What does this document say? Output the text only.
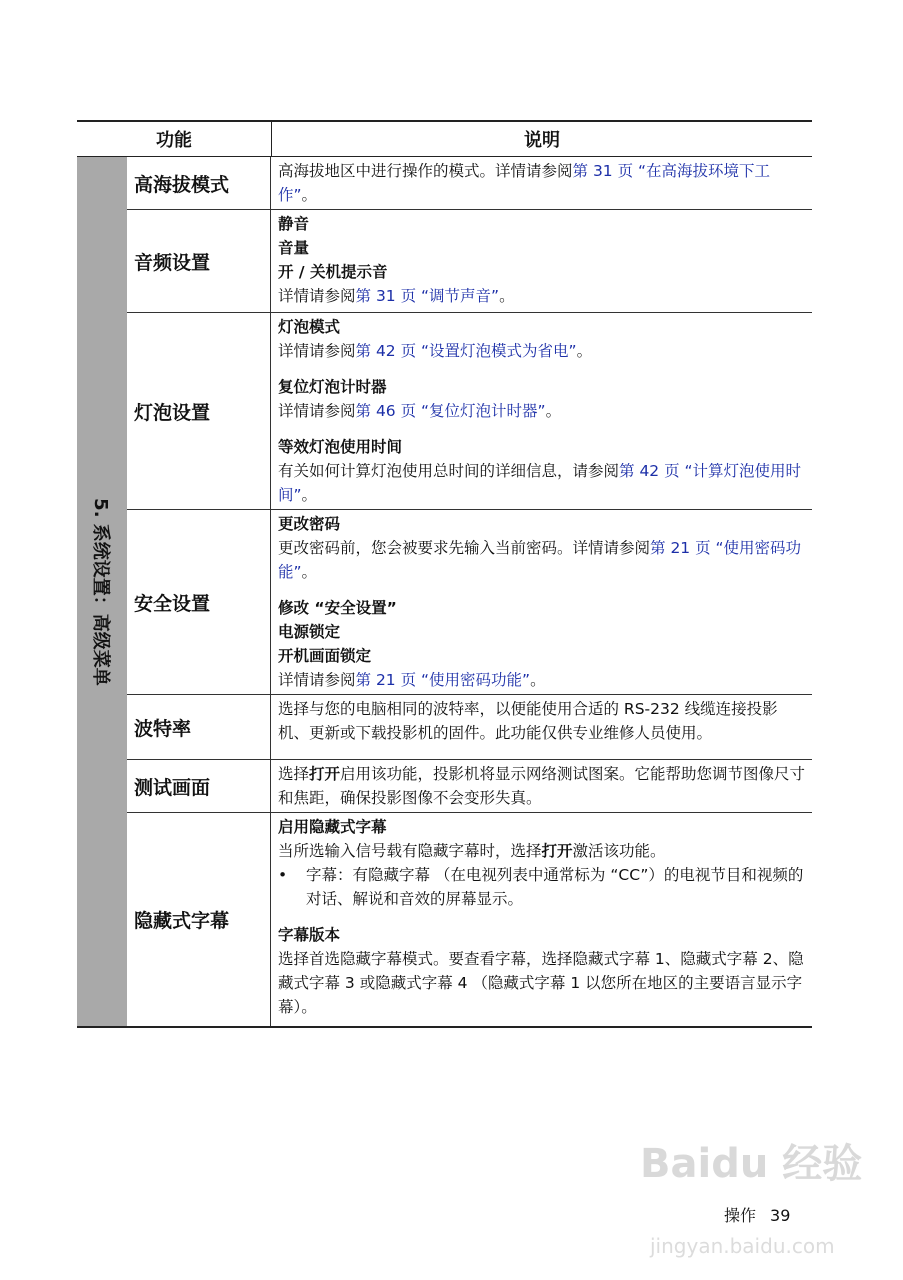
功能	说明
5. 系统设置：高级菜单
高海拔模式

高海拔地区中进行操作的模式。详情请参阅第 31 页 “在高海拔环境下工作”。

音频设置

静音

音量

开 / 关机提示音

详情请参阅第 31 页 “调节声音”。

灯泡设置

灯泡模式

详情请参阅第 42 页 “设置灯泡模式为省电”。

复位灯泡计时器

详情请参阅第 46 页 “复位灯泡计时器”。

等效灯泡使用时间

有关如何计算灯泡使用总时间的详细信息，请参阅第 42 页 “计算灯泡使用时间”。

安全设置

更改密码

更改密码前，您会被要求先输入当前密码。详情请参阅第 21 页 “使用密码功能”。

修改 “安全设置”

电源锁定

开机画面锁定

详情请参阅第 21 页 “使用密码功能”。

波特率

选择与您的电脑相同的波特率，以便能使用合适的 RS-232 线缆连接投影机、更新或下载投影机的固件。此功能仅供专业维修人员使用。

测试画面

选择打开启用该功能，投影机将显示网络测试图案。它能帮助您调节图像尺寸和焦距，确保投影图像不会变形失真。

隐藏式字幕

启用隐藏式字幕

当所选输入信号载有隐藏字幕时，选择打开激活该功能。

•	字幕：有隐藏字幕 （在电视列表中通常标为 “CC”）的电视节目和视频的对话、解说和音效的屏幕显示。

字幕版本

选择首选隐藏字幕模式。要查看字幕，选择隐藏式字幕 1、隐藏式字幕 2、隐藏式字幕 3 或隐藏式字幕 4 （隐藏式字幕 1 以您所在地区的主要语言显示字幕）。

Baidu 经验
jingyan.baidu.com
操作 39
